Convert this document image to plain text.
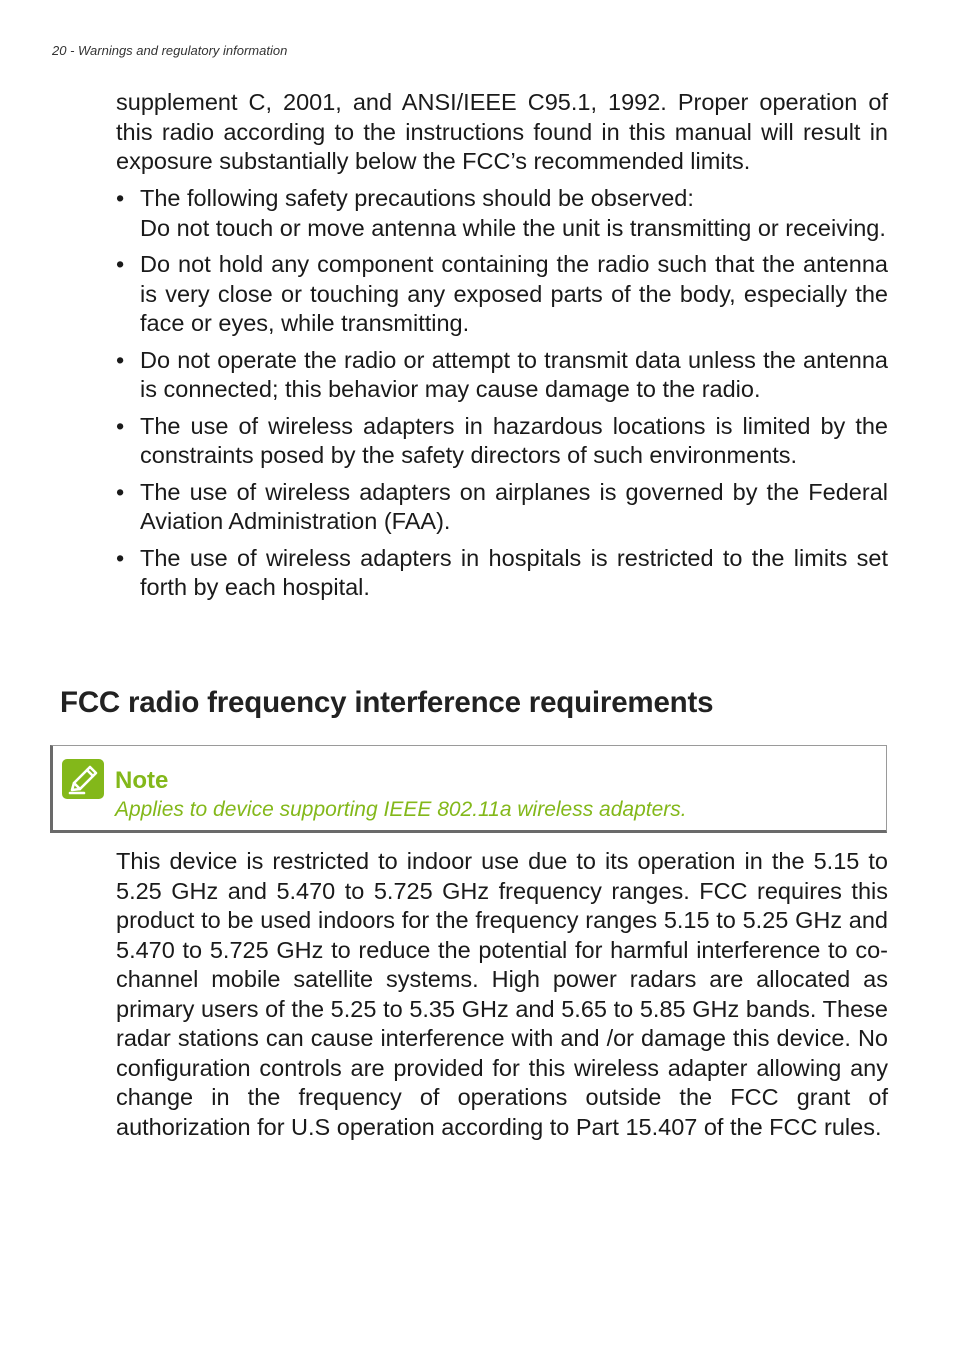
20 - Warnings and regulatory information

supplement C, 2001, and ANSI/IEEE C95.1, 1992. Proper operation of this radio according to the instructions found in this manual will result in exposure substantially below the FCC’s recommended limits.

• The following safety precautions should be observed:
Do not touch or move antenna while the unit is transmitting or receiving.
• Do not hold any component containing the radio such that the antenna is very close or touching any exposed parts of the body, especially the face or eyes, while transmitting.
• Do not operate the radio or attempt to transmit data unless the antenna is connected; this behavior may cause damage to the radio.
• The use of wireless adapters in hazardous locations is limited by the constraints posed by the safety directors of such environments.
• The use of wireless adapters on airplanes is governed by the Federal Aviation Administration (FAA).
• The use of wireless adapters in hospitals is restricted to the limits set forth by each hospital.
FCC radio frequency interference requirements
Note
Applies to device supporting IEEE 802.11a wireless adapters.

This device is restricted to indoor use due to its operation in the 5.15 to 5.25 GHz and 5.470 to 5.725 GHz frequency ranges. FCC requires this product to be used indoors for the frequency ranges 5.15 to 5.25 GHz and 5.470 to 5.725 GHz to reduce the potential for harmful interference to co-channel mobile satellite systems. High power radars are allocated as primary users of the 5.25 to 5.35 GHz and 5.65 to 5.85 GHz bands. These radar stations can cause interference with and /or damage this device. No configuration controls are provided for this wireless adapter allowing any change in the frequency of operations outside the FCC grant of authorization for U.S operation according to Part 15.407 of the FCC rules.
